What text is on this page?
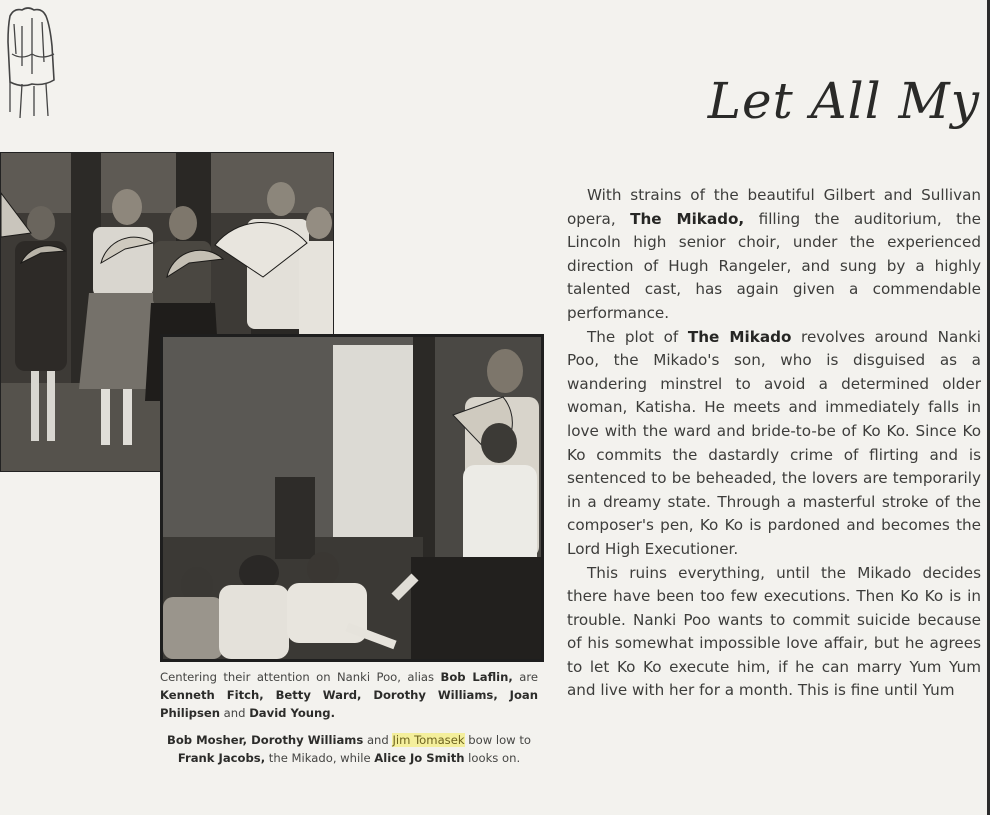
Let All My

With strains of the beautiful Gilbert and Sullivan opera, The Mikado, filling the auditorium, the Lincoln high senior choir, under the experienced direction of Hugh Rangeler, and sung by a highly talented cast, has again given a commendable performance.

The plot of The Mikado revolves around Nanki Poo, the Mikado's son, who is disguised as a wandering minstrel to avoid a determined older woman, Katisha. He meets and immediately falls in love with the ward and bride-to-be of Ko Ko. Since Ko Ko commits the dastardly crime of flirting and is sentenced to be beheaded, the lovers are temporarily in a dreamy state. Through a masterful stroke of the composer's pen, Ko Ko is pardoned and becomes the Lord High Executioner.

This ruins everything, until the Mikado decides there have been too few executions. Then Ko Ko is in trouble. Nanki Poo wants to commit suicide because of his somewhat impossible love affair, but he agrees to let Ko Ko execute him, if he can marry Yum Yum and live with her for a month. This is fine until Yum

Centering their attention on Nanki Poo, alias Bob Laflin, are Kenneth Fitch, Betty Ward, Dorothy Williams, Joan Philipsen and David Young.

Bob Mosher, Dorothy Williams and Jim Tomasek bow low to Frank Jacobs, the Mikado, while Alice Jo Smith looks on.
